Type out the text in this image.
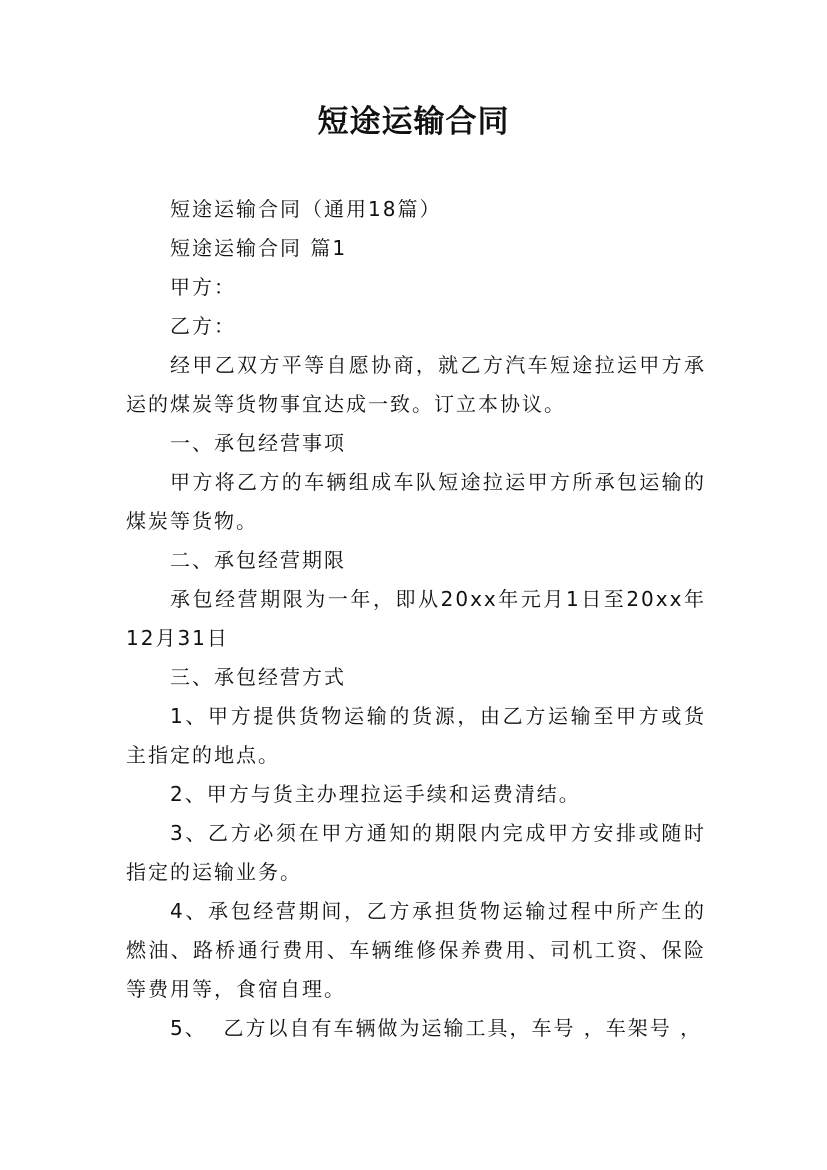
短途运输合同

短途运输合同（通用18篇）

短途运输合同 篇1

甲方：

乙方：

经甲乙双方平等自愿协商，就乙方汽车短途拉运甲方承运的煤炭等货物事宜达成一致。订立本协议。

一、承包经营事项

甲方将乙方的车辆组成车队短途拉运甲方所承包运输的煤炭等货物。

二、承包经营期限

承包经营期限为一年，即从20xx年元月1日至20xx年12月31日

三、承包经营方式

1、甲方提供货物运输的货源，由乙方运输至甲方或货主指定的地点。

2、甲方与货主办理拉运手续和运费清结。

3、乙方必须在甲方通知的期限内完成甲方安排或随时指定的运输业务。

4、承包经营期间，乙方承担货物运输过程中所产生的燃油、路桥通行费用、车辆维修保养费用、司机工资、保险等费用等，食宿自理。

5、  乙方以自有车辆做为运输工具，车号 ，车架号 ，
